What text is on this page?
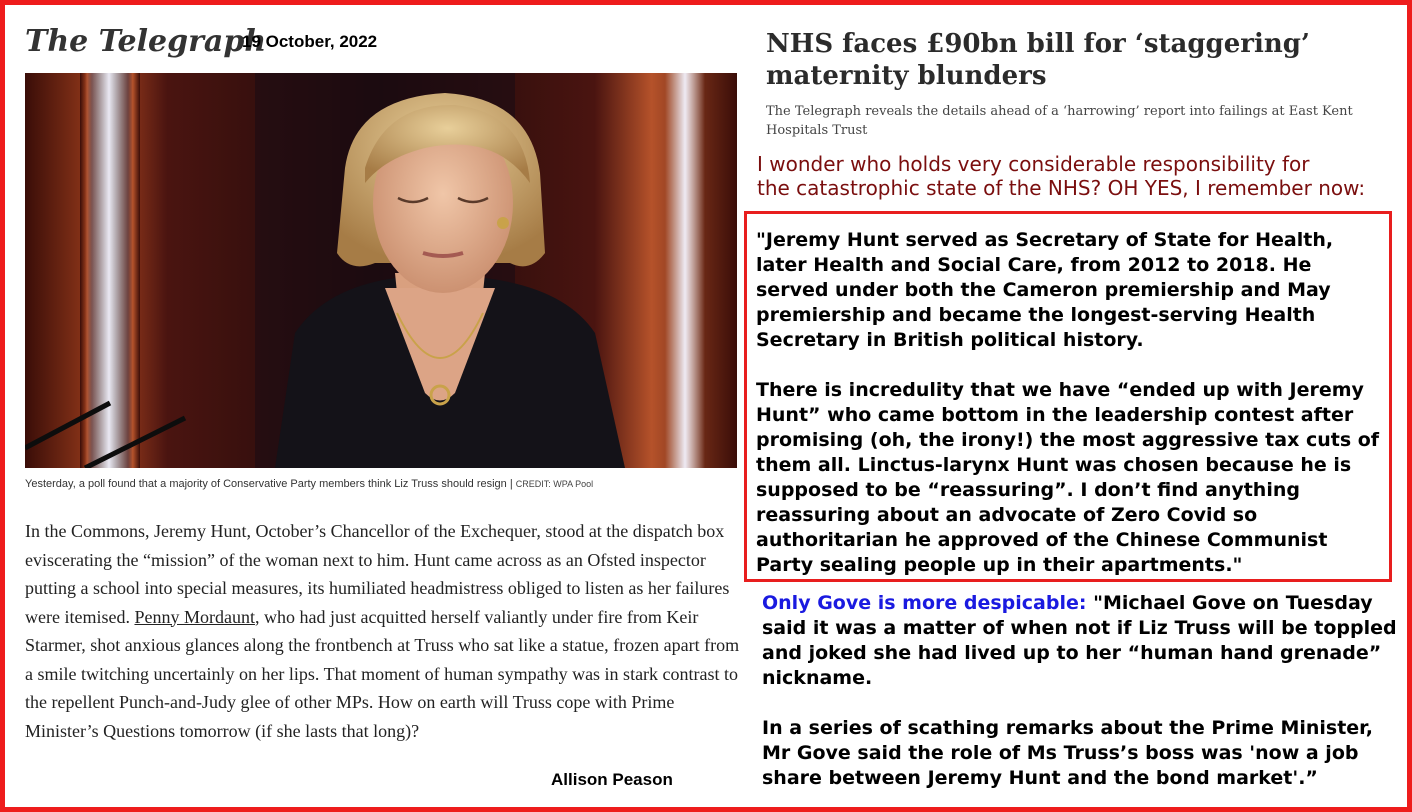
The Telegraph
19 October, 2022
Yesterday, a poll found that a majority of Conservative Party members think Liz Truss should resign | CREDIT: WPA Pool
In the Commons, Jeremy Hunt, October’s Chancellor of the Exchequer, stood at the dispatch box eviscerating the “mission” of the woman next to him. Hunt came across as an Ofsted inspector putting a school into special measures, its humiliated headmistress obliged to listen as her failures were itemised. Penny Mordaunt, who had just acquitted herself valiantly under fire from Keir Starmer, shot anxious glances along the frontbench at Truss who sat like a statue, frozen apart from a smile twitching uncertainly on her lips. That moment of human sympathy was in stark contrast to the repellent Punch-and-Judy glee of other MPs. How on earth will Truss cope with Prime Minister’s Questions tomorrow (if she lasts that long)?
Allison Peason
NHS faces £90bn bill for ‘staggering’ maternity blunders
The Telegraph reveals the details ahead of a ‘harrowing’ report into failings at East Kent Hospitals Trust
I wonder who holds very considerable responsibility for
the catastrophic state of the NHS? OH YES, I remember now:

"Jeremy Hunt served as Secretary of State for Health, later Health and Social Care, from 2012 to 2018. He served under both the Cameron premiership and May premiership and became the longest-serving Health Secretary in British political history.

There is incredulity that we have “ended up with Jeremy Hunt” who came bottom in the leadership contest after promising (oh, the irony!) the most aggressive tax cuts of them all. Linctus-larynx Hunt was chosen because he is supposed to be “reassuring”. I don’t find anything reassuring about an advocate of Zero Covid so authoritarian he approved of the Chinese Communist Party sealing people up in their apartments."

Only Gove is more despicable: "Michael Gove on Tuesday said it was a matter of when not if Liz Truss will be toppled and joked she had lived up to her “human hand grenade” nickname.

In a series of scathing remarks about the Prime Minister, Mr Gove said the role of Ms Truss’s boss was 'now a job share between Jeremy Hunt and the bond market'.”
